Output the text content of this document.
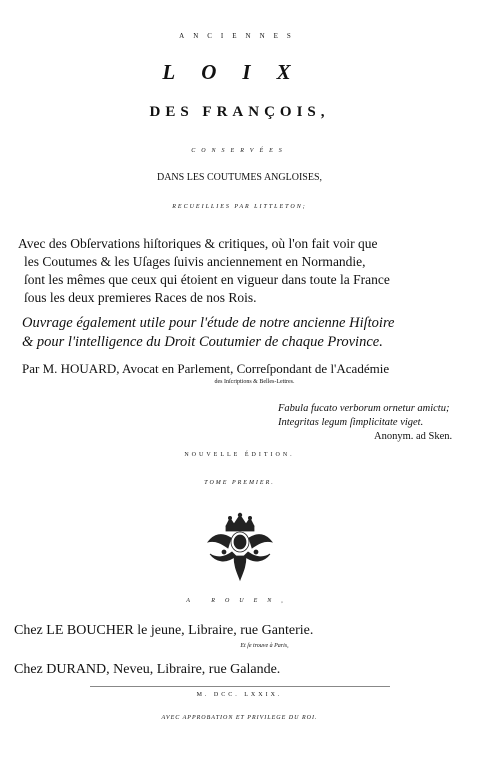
ANCIENNES
LOIX
DES FRANÇOIS,
CONSERVÉES
DANS LES COUTUMES ANGLOISES,
RECUEILLIES PAR LITTLETON;
Avec des Obſervations hiſtoriques & critiques, où l'on fait voir que
les Coutumes & les Uſages ſuivis anciennement en Normandie,
ſont les mêmes que ceux qui étoient en vigueur dans toute la France
ſous les deux premieres Races de nos Rois.
Ouvrage également utile pour l'étude de notre ancienne Hiſtoire
& pour l'intelligence du Droit Coutumier de chaque Province.
Par M. HOUARD, Avocat en Parlement, Correſpondant de l'Académie
des Inſcriptions & Belles-Lettres.
Fabula fucato verborum ornetur amictu;
Integritas legum ſimplicitate viget.
Anonym. ad Sken.
NOUVELLE ÉDITION.
TOME PREMIER.
A ROUEN,
Chez LE BOUCHER le jeune, Libraire, rue Ganterie.
Et ſe trouve à Paris,
Chez DURAND, Neveu, Libraire, rue Galande.
M. DCC. LXXIX.
AVEC APPROBATION ET PRIVILEGE DU ROI.
